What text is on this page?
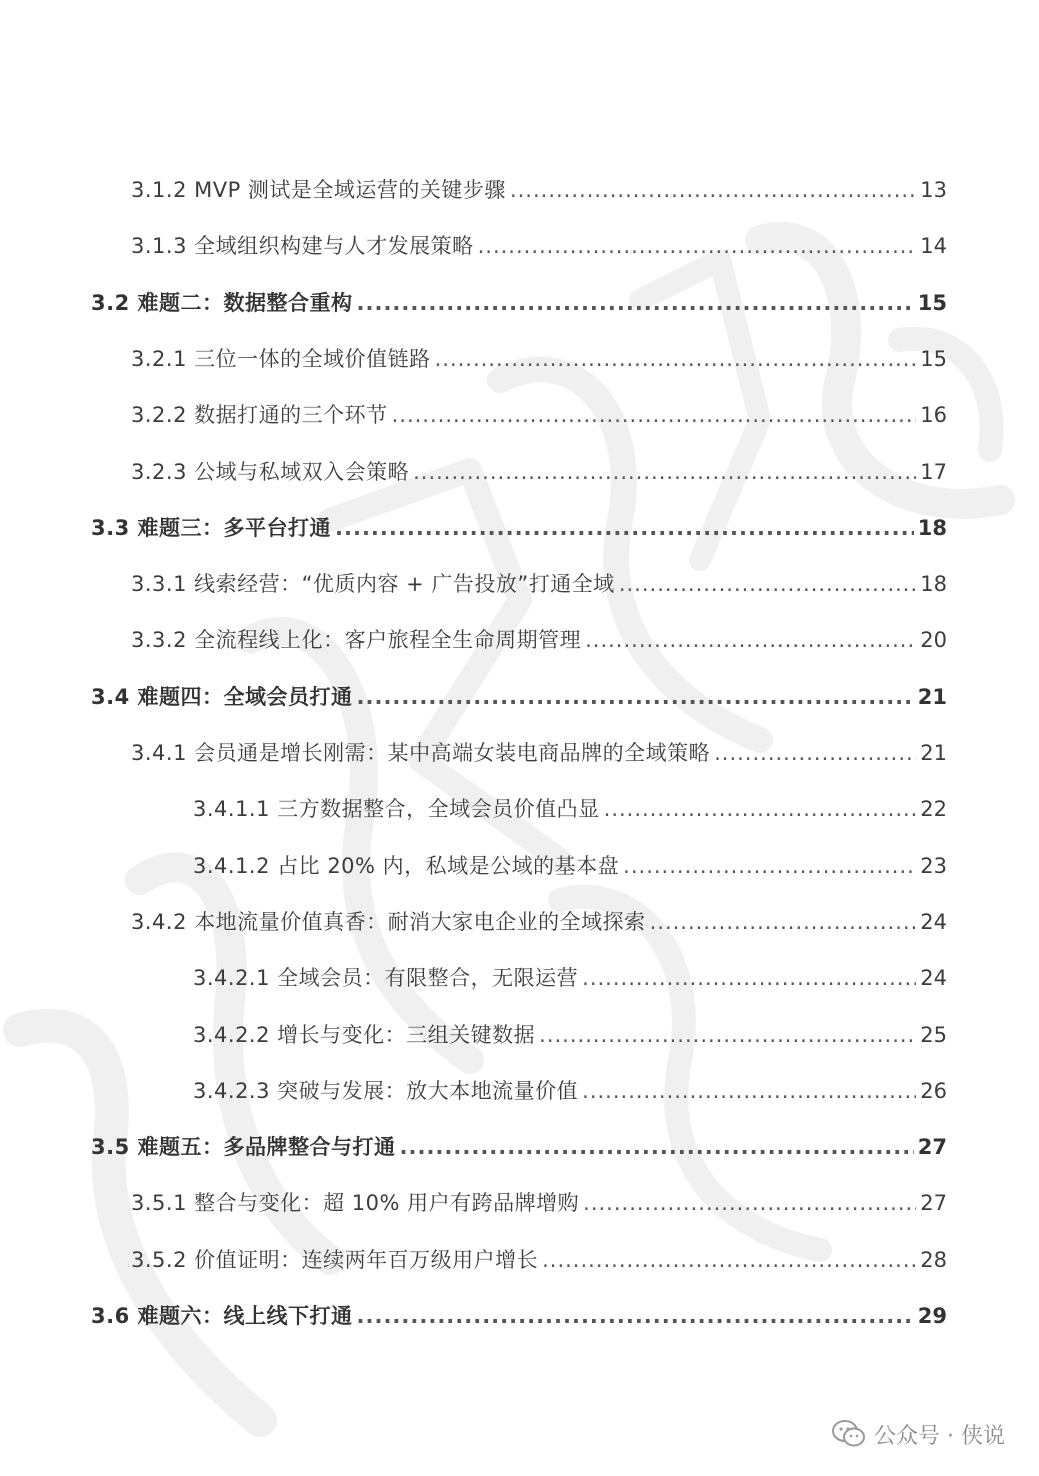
3.1.2 MVP 测试是全域运营的关键步骤 .....	13
3.1.3 全域组织构建与人才发展策略 .....	14
3.2 难题二：数据整合重构 .....	15
3.2.1 三位一体的全域价值链路 .....	15
3.2.2 数据打通的三个环节 .....	16
3.2.3 公域与私域双入会策略 .....	17
3.3 难题三：多平台打通 .....	18
3.3.1 线索经营：“优质内容 + 广告投放”打通全域 .....	18
3.3.2 全流程线上化：客户旅程全生命周期管理 .....	20
3.4 难题四：全域会员打通 .....	21
3.4.1 会员通是增长刚需：某中高端女装电商品牌的全域策略 .....	21
3.4.1.1 三方数据整合，全域会员价值凸显 .....	22
3.4.1.2 占比 20% 内，私域是公域的基本盘 .....	23
3.4.2 本地流量价值真香：耐消大家电企业的全域探索 .....	24
3.4.2.1 全域会员：有限整合，无限运营 .....	24
3.4.2.2 增长与变化：三组关键数据 .....	25
3.4.2.3 突破与发展：放大本地流量价值 .....	26
3.5 难题五：多品牌整合与打通 .....	27
3.5.1 整合与变化：超 10% 用户有跨品牌增购 .....	27
3.5.2 价值证明：连续两年百万级用户增长 .....	28
3.6 难题六：线上线下打通 .....	29
公众号 · 侠说
